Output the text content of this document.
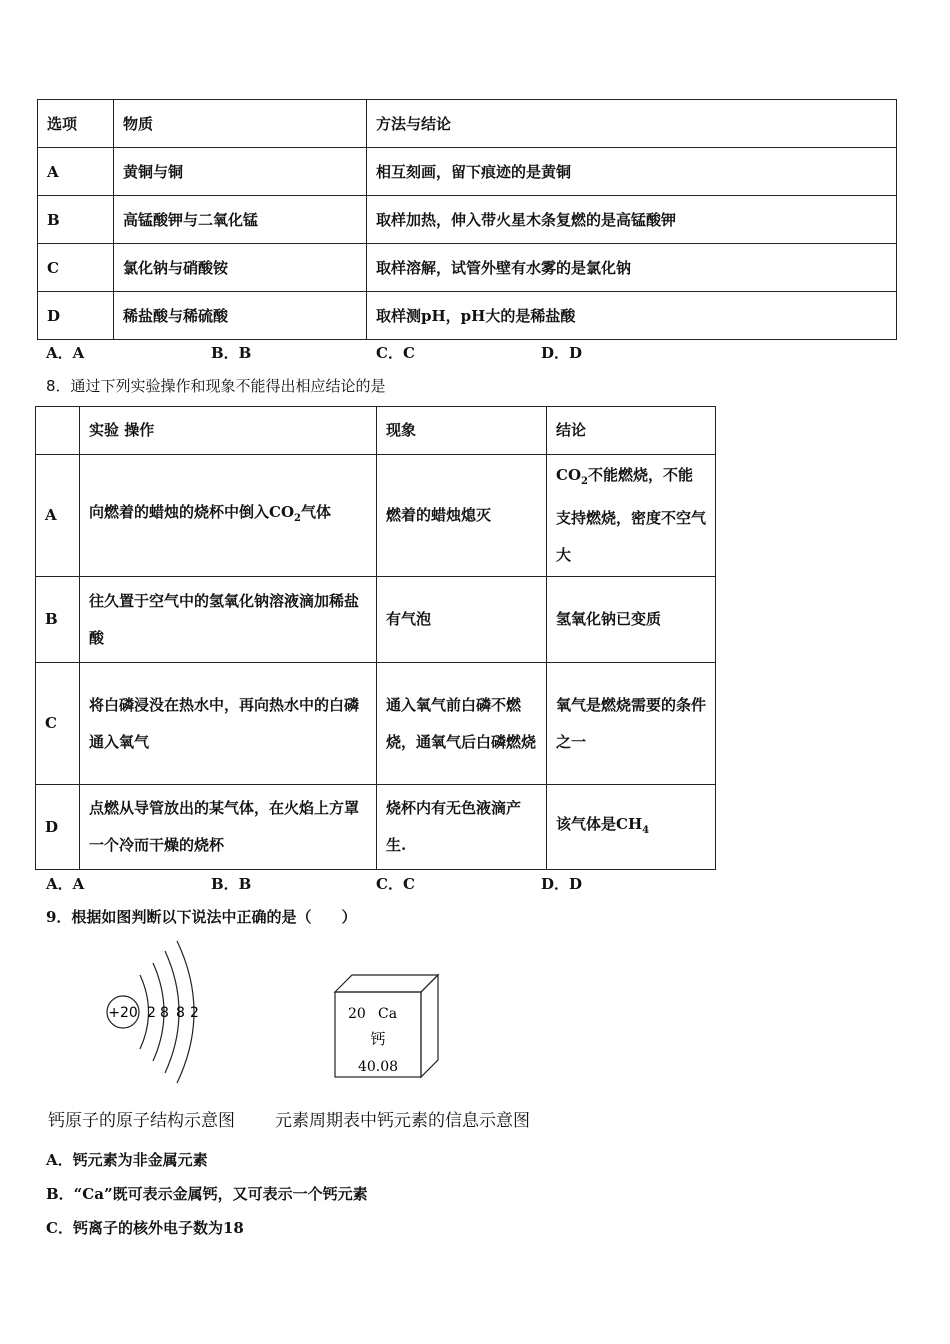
选项	物质	方法与结论
A	黄铜与铜	相互刻画，留下痕迹的是黄铜
B	高锰酸钾与二氧化锰	取样加热，伸入带火星木条复燃的是高锰酸钾
C	氯化钠与硝酸铵	取样溶解，试管外壁有水雾的是氯化钠
D	稀盐酸与稀硫酸	取样测pH，pH大的是稀盐酸
A．A	B．B	C．C	D．D
8．通过下列实验操作和现象不能得出相应结论的是
	实验 操作	现象	结论
A	向燃着的蜡烛的烧杯中倒入$CO_2$气体	燃着的蜡烛熄灭	$CO_2$不能燃烧，不能支持燃烧，密度不空气大
B	往久置于空气中的氢氧化钠溶液滴加稀盐酸	有气泡	氢氧化钠已变质
C	将白磷浸没在热水中，再向热水中的白磷通入氧气	通入氧气前白磷不燃烧，通氧气后白磷燃烧	氧气是燃烧需要的条件之一
D	点燃从导管放出的某气体，在火焰上方罩一个冷而干燥的烧杯	烧杯内有无色液滴产生.	该气体是$CH_4$
A．A	B．B	C．C	D．D
9．根据如图判断以下说法中正确的是（　　）
+20 2 8 8 2	20 Ca
钙
40.08
钙原子的原子结构示意图 元素周期表中钙元素的信息示意图
A．钙元素为非金属元素
B．“Ca”既可表示金属钙，又可表示一个钙元素
C．钙离子的核外电子数为18
